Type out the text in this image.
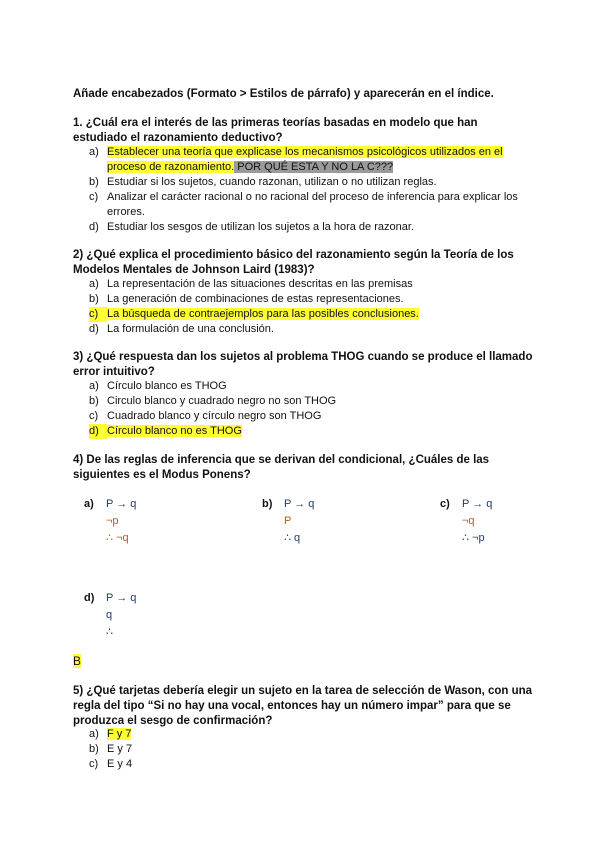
Añade encabezados (Formato > Estilos de párrafo) y aparecerán en el índice.
1. ¿Cuál era el interés de las primeras teorías basadas en modelo que han estudiado el razonamiento deductivo?
a) Establecer una teoría que explicase los mecanismos psicológicos utilizados en el proceso de razonamiento. POR QUÉ ESTA Y NO LA C???
b) Estudiar si los sujetos, cuando razonan, utilizan o no utilizan reglas.
c) Analizar el carácter racional o no racional del proceso de inferencia para explicar los errores.
d) Estudiar los sesgos de utilizan los sujetos a la hora de razonar.
2) ¿Qué explica el procedimiento básico del razonamiento según la Teoría de los Modelos Mentales de Johnson Laird (1983)?
a) La representación de las situaciones descritas en las premisas
b) La generación de combinaciones de estas representaciones.
c) La búsqueda de contraejemplos para las posibles conclusiones.
d) La formulación de una conclusión.
3) ¿Qué respuesta dan los sujetos al problema THOG cuando se produce el llamado error intuitivo?
a) Círculo blanco es THOG
b) Circulo blanco y cuadrado negro no son THOG
c) Cuadrado blanco y círculo negro son THOG
d) Círculo blanco no es THOG
4) De las reglas de inferencia que se derivan del condicional, ¿Cuáles de las siguientes es el Modus Ponens?
a) P → q
¬p
∴ ¬q
b) P → q
P
∴ q
c) P → q
¬q
∴ ¬p
d) P → q
q
∴
B
5) ¿Qué tarjetas debería elegir un sujeto en la tarea de selección de Wason, con una regla del tipo “Si no hay una vocal, entonces hay un número impar” para que se produzca el sesgo de confirmación?
a) F y 7
b) E y 7
c) E y 4
